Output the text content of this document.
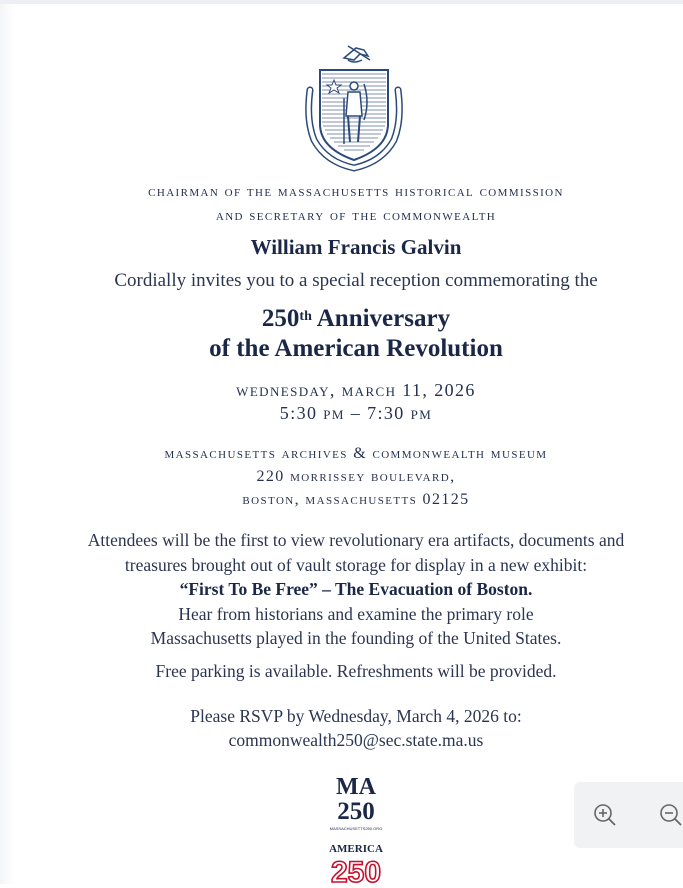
chairman of the massachusetts historical commission
and secretary of the commonwealth
William Francis Galvin
Cordially invites you to a special reception commemorating the
250th Anniversary
of the American Revolution
wednesday, march 11, 2026
5:30 pm – 7:30 pm
massachusetts archives & commonwealth museum
220 morrissey boulevard,
boston, massachusetts 02125
Attendees will be the first to view revolutionary era artifacts, documents and
treasures brought out of vault storage for display in a new exhibit:
“First To Be Free” – The Evacuation of Boston.
Hear from historians and examine the primary role
Massachusetts played in the founding of the United States.
Free parking is available. Refreshments will be provided.
Please RSVP by Wednesday, March 4, 2026 to:
commonwealth250@sec.state.ma.us
MA
250
MASSACHUSETTS250.ORG
AMERICA
250
